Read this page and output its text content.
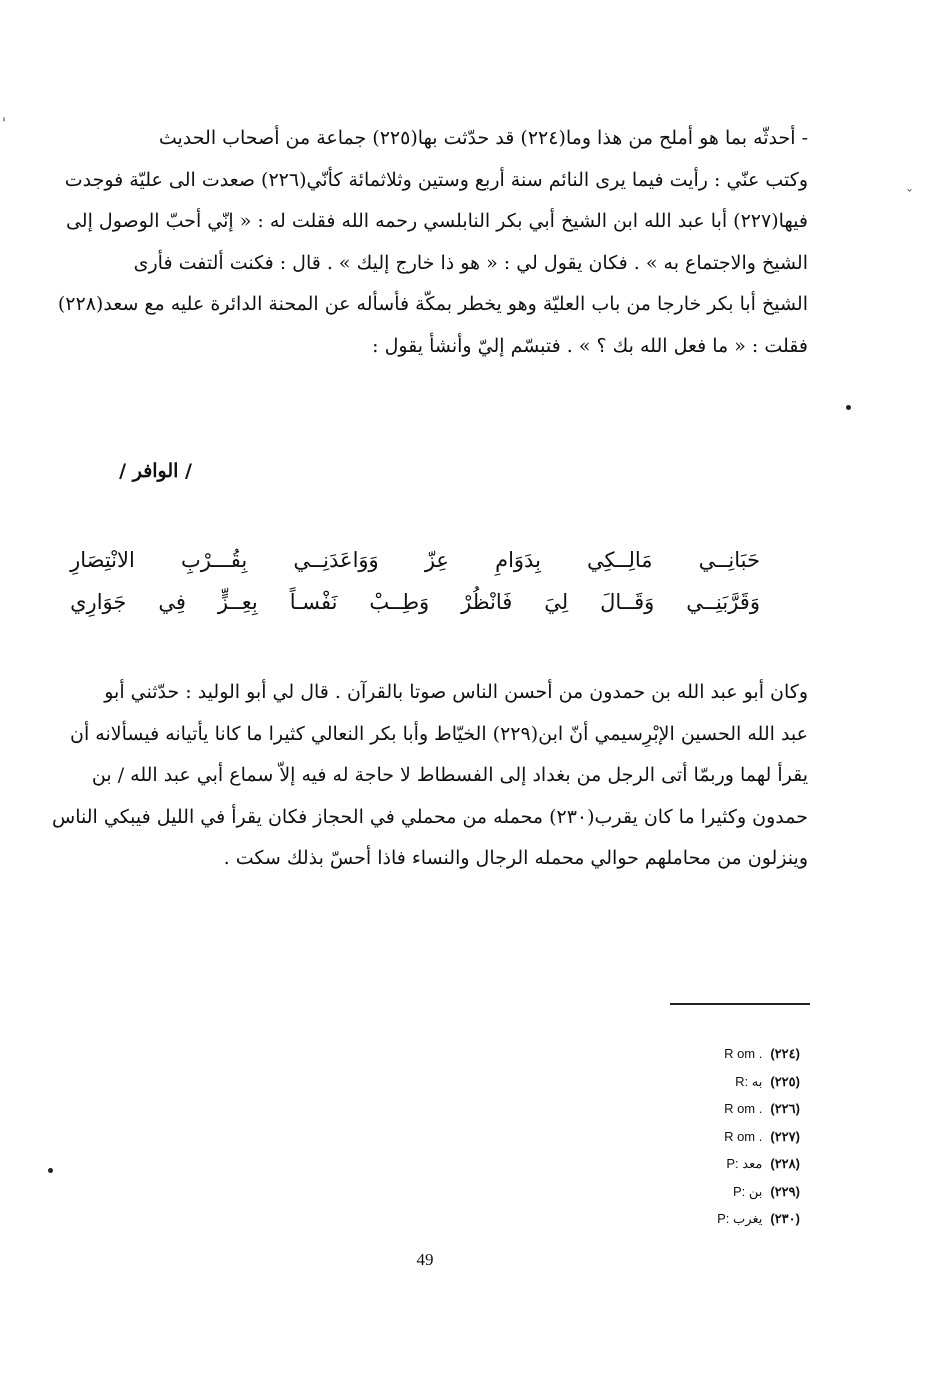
'
ˇ
- أحدثّه بما هو أملح من هذا وما(٢٢٤) قد حدّثت بها(٢٢٥) جماعة من أصحاب الحديث
وكتب عنّي : رأيت فيما يرى النائم سنة أربع وستين وثلاثمائة كأنّي(٢٢٦) صعدت الى عليّة فوجدت
فيها(٢٢٧) أبا عبد الله ابن الشيخ أبي بكر النابلسي رحمه الله فقلت له : « إنّي أحبّ الوصول إلى
الشيخ والاجتماع به » . فكان يقول لي : « هو ذا خارج إليك » . قال : فكنت ألتفت فأرى
الشيخ أبا بكر خارجا من باب العليّة وهو يخطر بمكّة فأسأله عن المحنة الدائرة عليه مع سعد(٢٢٨)
فقلت : « ما فعل الله بك ؟ » . فتبسّم إليّ وأنشأ يقول :
/ الوافر /
حَبَانِــي
مَالِــكِي
بِدَوَامِ
عِزّ
وَوَاعَدَنِــي
بِقُـــرْبِ
الانْتِصَارِ
وَقَرَّبَنِــي
وَقَــالَ
لِيَ
فَانْظُرْ
وَطِــبْ
نَفْسـاً
بِعِــزٍّ
فِي
جَوَارِي
وكان أبو عبد الله بن حمدون من أحسن الناس صوتا بالقرآن . قال لي أبو الوليد : حدّثني أبو
عبد الله الحسين الإبْرِسيمي أنّ ابن(٢٢٩) الخيّاط وأبا بكر النعالي كثيرا ما كانا يأتيانه فيسألانه أن
يقرأ لهما وربمّا أتى الرجل من بغداد إلى الفسطاط لا حاجة له فيه إلاّ سماع أبي عبد الله / بن
حمدون وكثيرا ما كان يقرب(٢٣٠) محمله من محملي في الحجاز فكان يقرأ في الليل فيبكي الناس
وينزلون من محاملهم حوالي محمله الرجال والنساء فاذا أحسّ بذلك سكت .
(٢٢٤)
R om .
(٢٢٥)
R: به
(٢٢٦)
R om .
(٢٢٧)
R om .
(٢٢٨)
P: معد
(٢٢٩)
P: بن
(٢٣٠)
P: يغرب
49
